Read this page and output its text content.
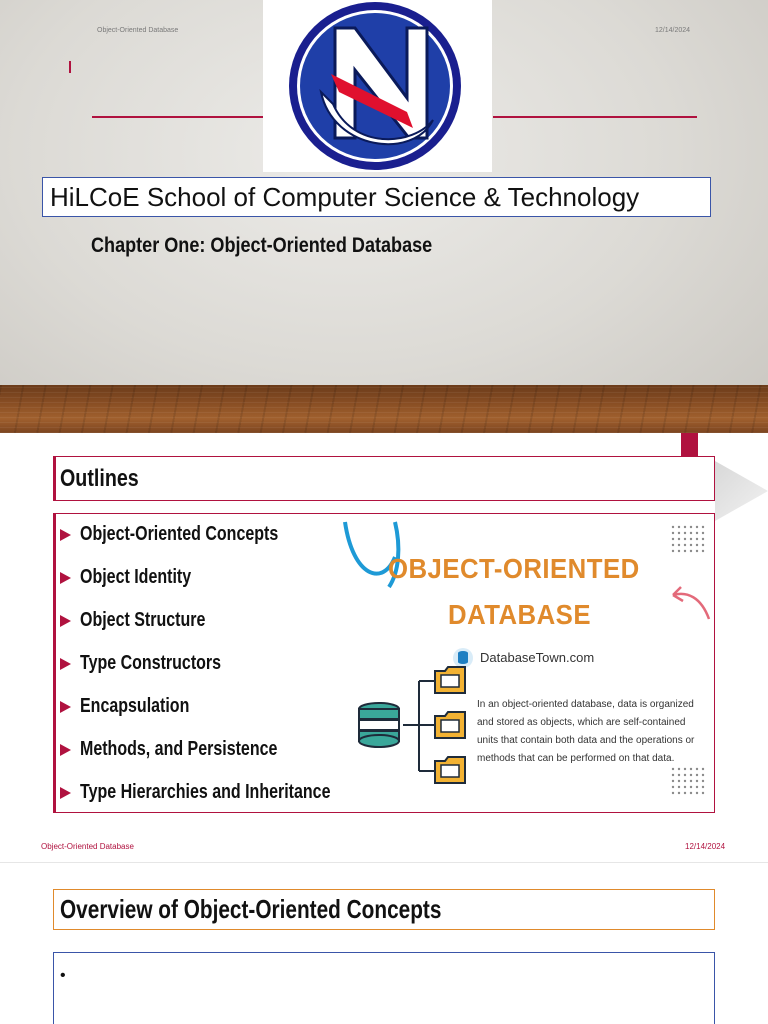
Object-Oriented Database	12/14/2024
HiLCoE School of Computer Science & Technology
Chapter One: Object-Oriented Database
Outlines
Object-Oriented Concepts
Object Identity
Object Structure
Type Constructors
Encapsulation
Methods, and Persistence
Type Hierarchies and Inheritance
OBJECT-ORIENTED
DATABASE
DatabaseTown.com
In an object-oriented database, data is organized and stored as objects, which are self-contained units that contain both data and the operations or methods that can be performed on that data.
Object-Oriented Database	12/14/2024
Overview of Object-Oriented Concepts
•
